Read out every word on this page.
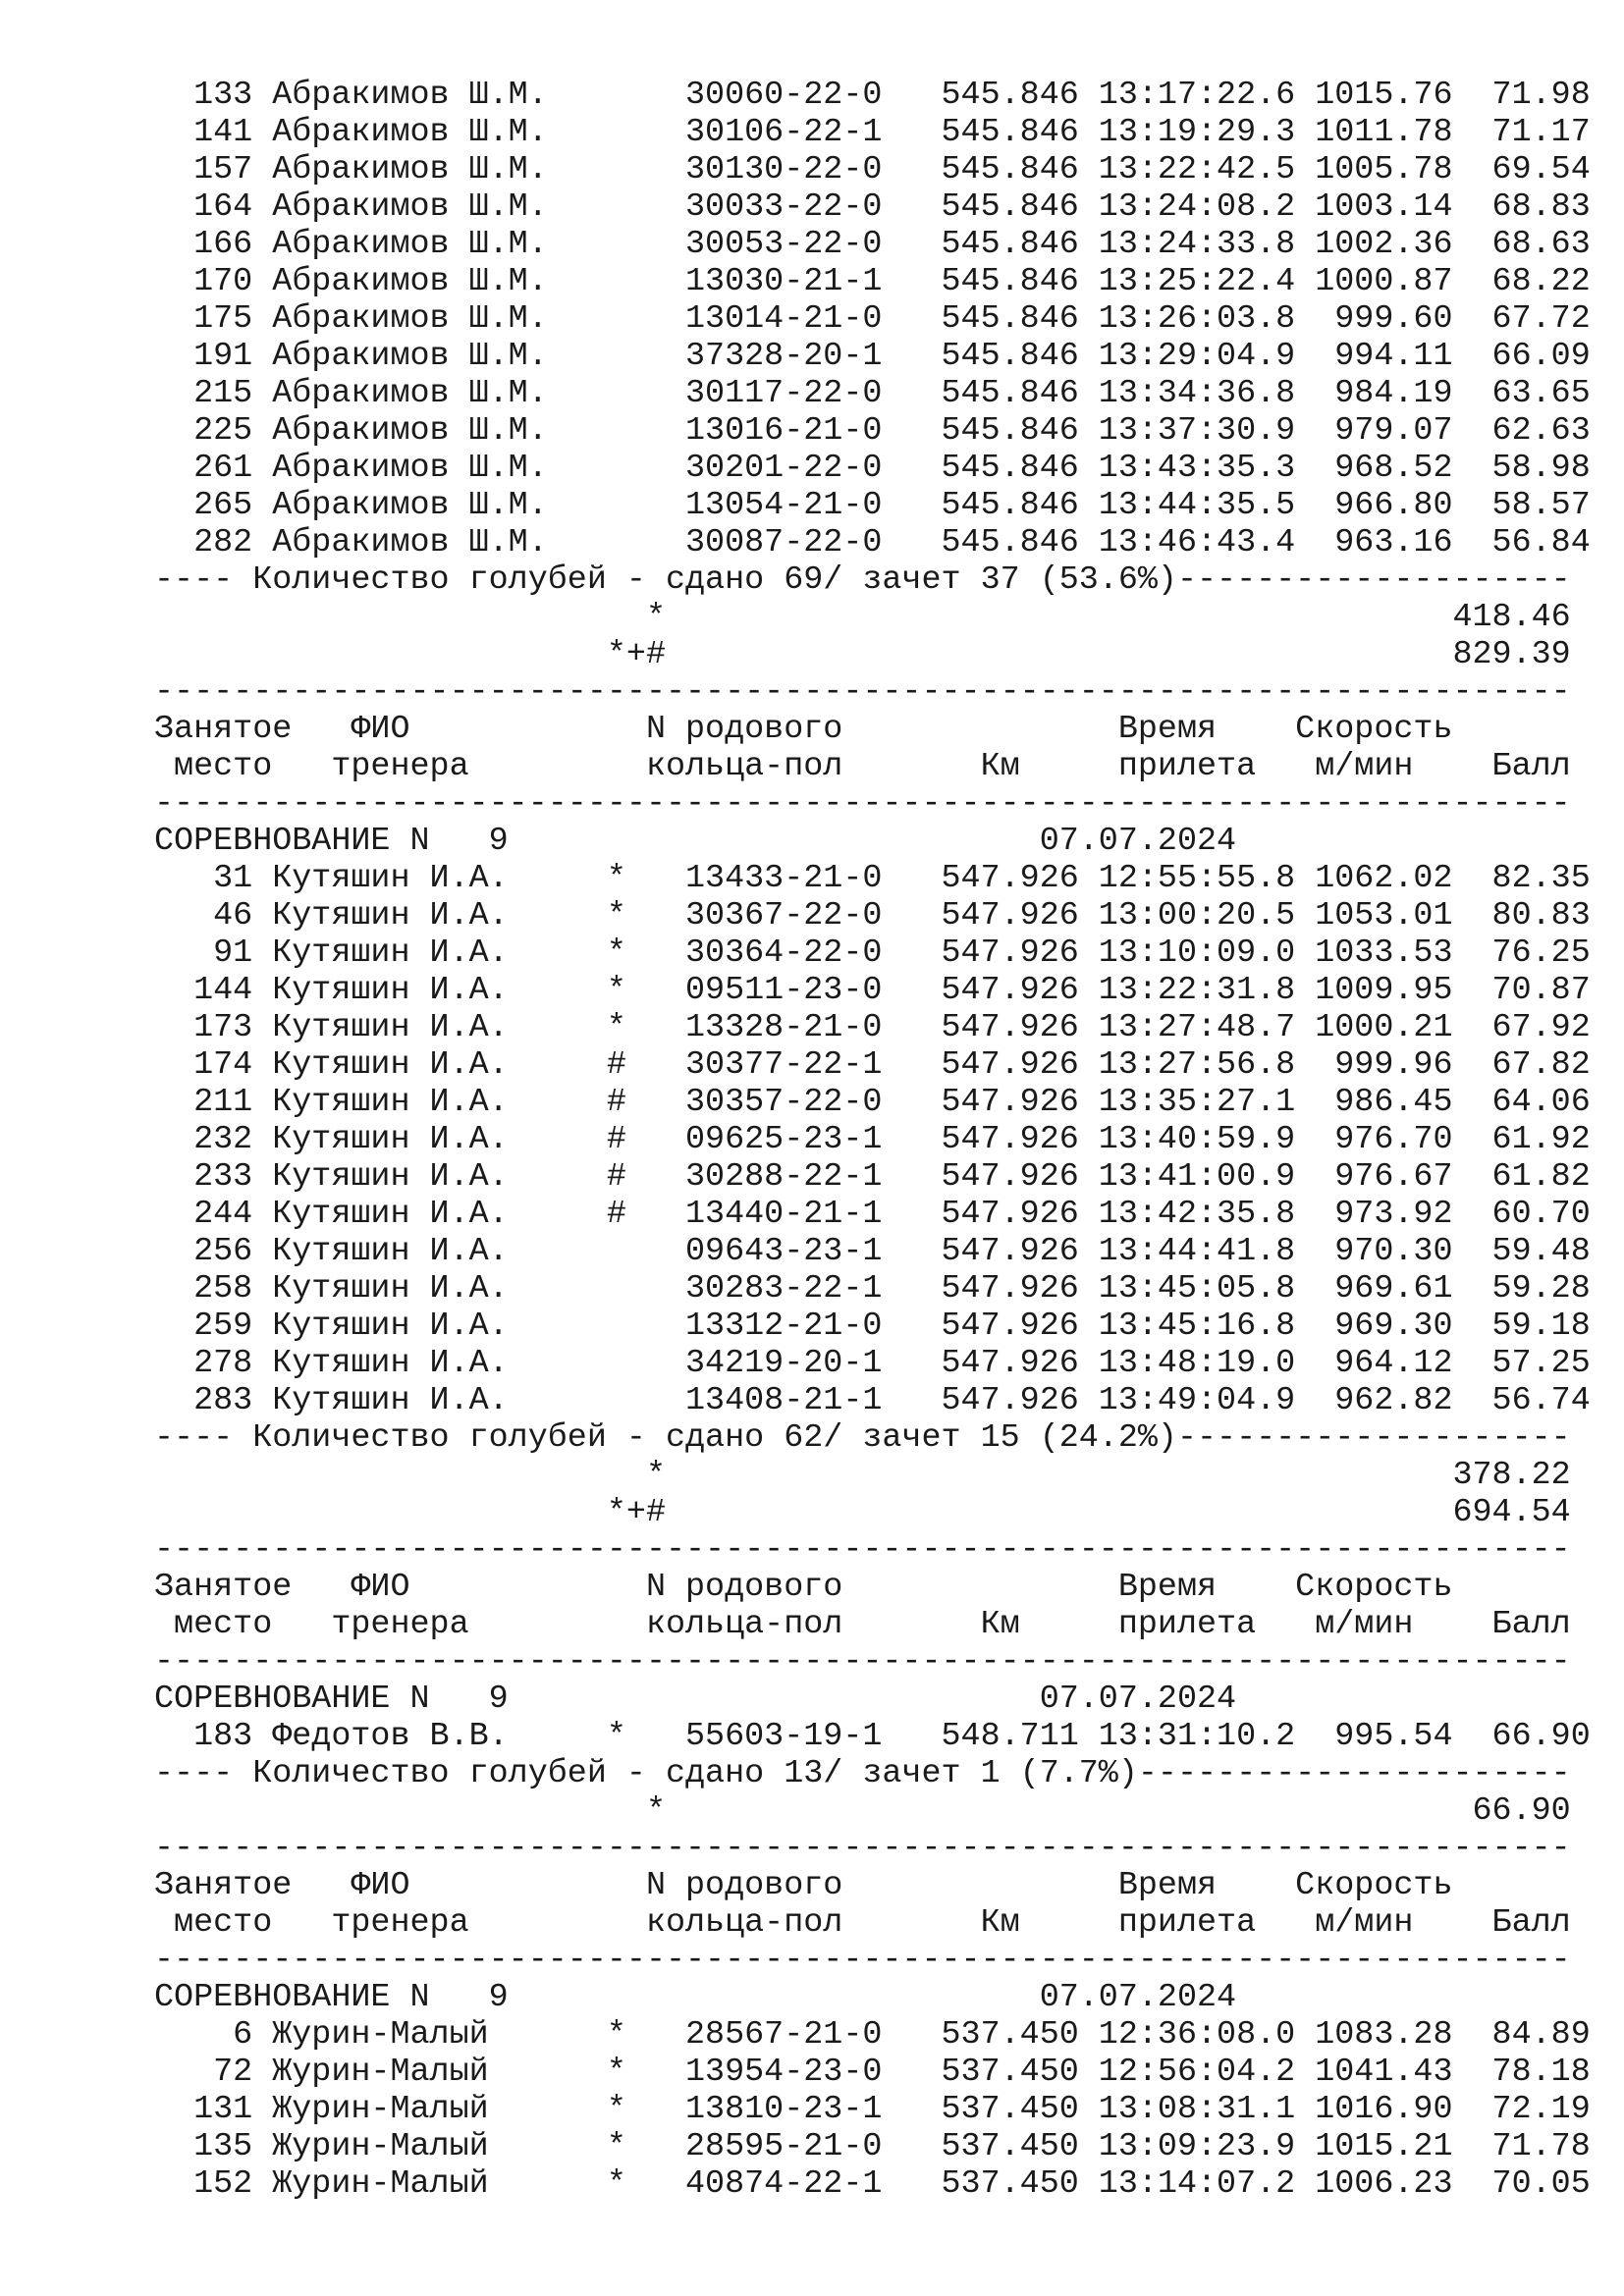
133 Абракимов Ш.М.       30060-22-0   545.846 13:17:22.6 1015.76  71.98
141 Абракимов Ш.М.       30106-22-1   545.846 13:19:29.3 1011.78  71.17
157 Абракимов Ш.М.       30130-22-0   545.846 13:22:42.5 1005.78  69.54
164 Абракимов Ш.М.       30033-22-0   545.846 13:24:08.2 1003.14  68.83
166 Абракимов Ш.М.       30053-22-0   545.846 13:24:33.8 1002.36  68.63
170 Абракимов Ш.М.       13030-21-1   545.846 13:25:22.4 1000.87  68.22
175 Абракимов Ш.М.       13014-21-0   545.846 13:26:03.8  999.60  67.72
191 Абракимов Ш.М.       37328-20-1   545.846 13:29:04.9  994.11  66.09
215 Абракимов Ш.М.       30117-22-0   545.846 13:34:36.8  984.19  63.65
225 Абракимов Ш.М.       13016-21-0   545.846 13:37:30.9  979.07  62.63
261 Абракимов Ш.М.       30201-22-0   545.846 13:43:35.3  968.52  58.98
265 Абракимов Ш.М.       13054-21-0   545.846 13:44:35.5  966.80  58.57
282 Абракимов Ш.М.       30087-22-0   545.846 13:46:43.4  963.16  56.84
---- Количество голубей - сдано 69/ зачет 37 (53.6%)--------------------
*                                        418.46
*+#                                        829.39
------------------------------------------------------------------------
Занятое   ФИО            N родового              Время    Скорость
место   тренера         кольца-пол       Км     прилета   м/мин    Балл
------------------------------------------------------------------------
СОРЕВНОВАНИЕ N   9                           07.07.2024
31 Кутяшин И.А.     *   13433-21-0   547.926 12:55:55.8 1062.02  82.35
46 Кутяшин И.А.     *   30367-22-0   547.926 13:00:20.5 1053.01  80.83
91 Кутяшин И.А.     *   30364-22-0   547.926 13:10:09.0 1033.53  76.25
144 Кутяшин И.А.     *   09511-23-0   547.926 13:22:31.8 1009.95  70.87
173 Кутяшин И.А.     *   13328-21-0   547.926 13:27:48.7 1000.21  67.92
174 Кутяшин И.А.     #   30377-22-1   547.926 13:27:56.8  999.96  67.82
211 Кутяшин И.А.     #   30357-22-0   547.926 13:35:27.1  986.45  64.06
232 Кутяшин И.А.     #   09625-23-1   547.926 13:40:59.9  976.70  61.92
233 Кутяшин И.А.     #   30288-22-1   547.926 13:41:00.9  976.67  61.82
244 Кутяшин И.А.     #   13440-21-1   547.926 13:42:35.8  973.92  60.70
256 Кутяшин И.А.         09643-23-1   547.926 13:44:41.8  970.30  59.48
258 Кутяшин И.А.         30283-22-1   547.926 13:45:05.8  969.61  59.28
259 Кутяшин И.А.         13312-21-0   547.926 13:45:16.8  969.30  59.18
278 Кутяшин И.А.         34219-20-1   547.926 13:48:19.0  964.12  57.25
283 Кутяшин И.А.         13408-21-1   547.926 13:49:04.9  962.82  56.74
---- Количество голубей - сдано 62/ зачет 15 (24.2%)--------------------
*                                        378.22
*+#                                        694.54
------------------------------------------------------------------------
Занятое   ФИО            N родового              Время    Скорость
место   тренера         кольца-пол       Км     прилета   м/мин    Балл
------------------------------------------------------------------------
СОРЕВНОВАНИЕ N   9                           07.07.2024
183 Федотов В.В.     *   55603-19-1   548.711 13:31:10.2  995.54  66.90
---- Количество голубей - сдано 13/ зачет 1 (7.7%)----------------------
*                                         66.90
------------------------------------------------------------------------
Занятое   ФИО            N родового              Время    Скорость
место   тренера         кольца-пол       Км     прилета   м/мин    Балл
------------------------------------------------------------------------
СОРЕВНОВАНИЕ N   9                           07.07.2024
6 Журин-Малый      *   28567-21-0   537.450 12:36:08.0 1083.28  84.89
72 Журин-Малый      *   13954-23-0   537.450 12:56:04.2 1041.43  78.18
131 Журин-Малый      *   13810-23-1   537.450 13:08:31.1 1016.90  72.19
135 Журин-Малый      *   28595-21-0   537.450 13:09:23.9 1015.21  71.78
152 Журин-Малый      *   40874-22-1   537.450 13:14:07.2 1006.23  70.05
